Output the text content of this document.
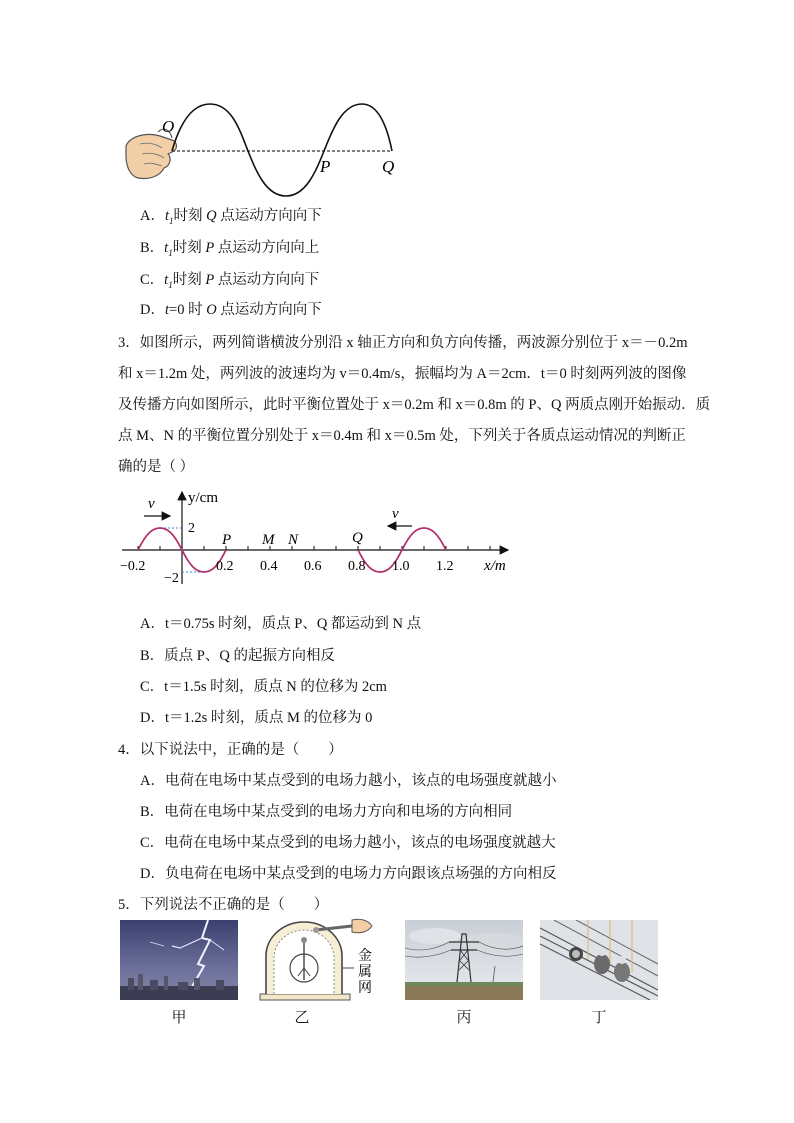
O
P	Q
A．$t_1$时刻 Q 点运动方向向下
B．$t_1$时刻 P 点运动方向向上
C．$t_1$时刻 P 点运动方向向下
D．t=0 时 O 点运动方向向下
3．如图所示，两列简谐横波分别沿 x 轴正方向和负方向传播，两波源分别位于 x＝－0.2m
和 x＝1.2m 处，两列波的波速均为 v＝0.4m/s，振幅均为 A＝2cm．t＝0 时刻两列波的图像
及传播方向如图所示，此时平衡位置处于 x＝0.2m 和 x＝0.8m 的 P、Q 两质点刚开始振动．质
点 M、N 的平衡位置分别处于 x＝0.4m 和 x＝0.5m 处，下列关于各质点运动情况的判断正
确的是（ ）
v
v
y/cm
x/m
2
−2
−0.2	0.2 0.4 0.6 0.8 1.0 1.2
P M N	Q
A．t＝0.75s 时刻，质点 P、Q 都运动到 N 点
B．质点 P、Q 的起振方向相反
C．t＝1.5s 时刻，质点 N 的位移为 2cm
D．t＝1.2s 时刻，质点 M 的位移为 0
4．以下说法中，正确的是（　　）
A．电荷在电场中某点受到的电场力越小，该点的电场强度就越小
B．电荷在电场中某点受到的电场力方向和电场的方向相同
C．电荷在电场中某点受到的电场力越小，该点的电场强度就越大
D．负电荷在电场中某点受到的电场力方向跟该点场强的方向相反
5．下列说法不正确的是（　　）
金
属
网
甲	乙	丙	丁
